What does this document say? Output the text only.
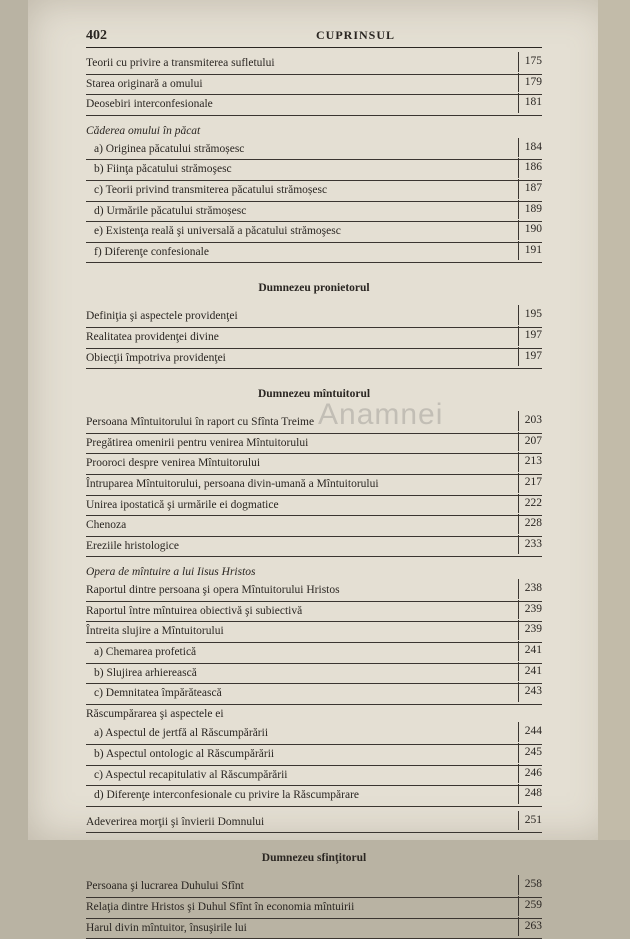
402	CUPRINSUL
Teorii cu privire a transmiterea sufletului	175
Starea originară a omului	179
Deosebiri interconfesionale	181
Căderea omului în păcat
a) Originea păcatului strămoșesc	184
b) Fiinţa păcatului strămoşesc	186
c) Teorii privind transmiterea păcatului strămoșesc	187
d) Urmările păcatului strămoșesc	189
e) Existenţa reală şi universală a păcatului strămoşesc	190
f) Diferenţe confesionale	191
Dumnezeu pronietorul
Definiţia şi aspectele providenţei	195
Realitatea providenţei divine	197
Obiecţii împotriva providenţei	197
Dumnezeu mîntuitorul
Persoana Mîntuitorului în raport cu Sfînta Treime	203
Pregătirea omenirii pentru venirea Mîntuitorului	207
Prooroci despre venirea Mîntuitorului	213
Întruparea Mîntuitorului, persoana divin-umană a Mîntuitorului	217
Unirea ipostatică şi urmările ei dogmatice	222
Chenoza	228
Ereziile hristologice	233
Opera de mîntuire a lui Iisus Hristos
Raportul dintre persoana şi opera Mîntuitorului Hristos	238
Raportul între mîntuirea obiectivă şi subiectivă	239
Întreita slujire a Mîntuitorului	239
a) Chemarea profetică	241
b) Slujirea arhierească	241
c) Demnitatea împărătească	243
Răscumpărarea şi aspectele ei
a) Aspectul de jertfă al Răscumpărării	244
b) Aspectul ontologic al Răscumpărării	245
c) Aspectul recapitulativ al Răscumpărării	246
d) Diferenţe interconfesionale cu privire la Răscumpărare	248
Adeverirea morţii şi învierii Domnului	251
Dumnezeu sfinţitorul
Persoana şi lucrarea Duhului Sfînt	258
Relaţia dintre Hristos şi Duhul Sfînt în economia mîntuirii	259
Harul divin mîntuitor, însuşirile lui	263
Anamnei
